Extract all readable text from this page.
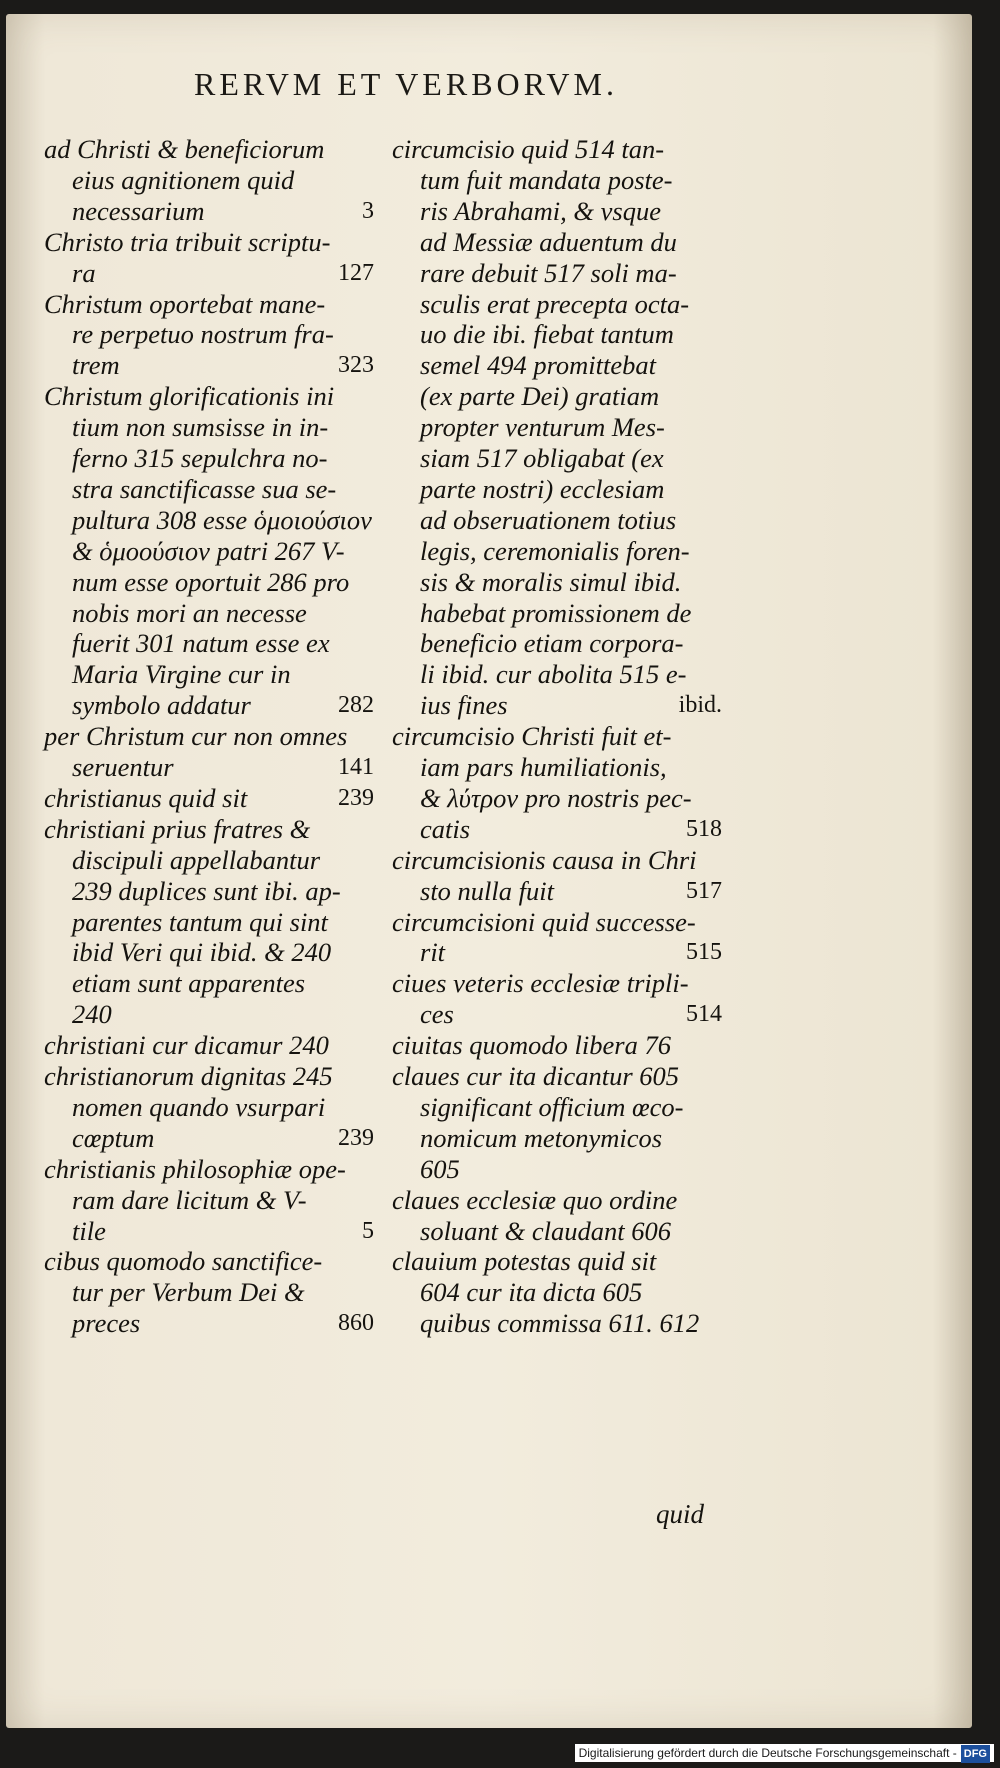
RERVM ET VERBORVM.
ad Christi & beneficiorum
eius agnitionem quid
necessarium	3
Christo tria tribuit scriptu-
ra	127
Christum oportebat mane-
re perpetuo nostrum fra-
trem	323
Christum glorificationis ini
tium non sumsisse in in-
ferno 315 sepulchra no-
stra sanctificasse sua se-
pultura 308 esse ὁμοιούσιον
& ὁμοούσιον patri 267 V-
num esse oportuit 286 pro
nobis mori an necesse
fuerit 301 natum esse ex
Maria Virgine cur in
symbolo addatur	282
per Christum cur non omnes
seruentur	141
christianus quid sit	239
christiani prius fratres &
discipuli appellabantur
239 duplices sunt ibi. ap-
parentes tantum qui sint
ibid Veri qui ibid. & 240
etiam sunt apparentes
240
christiani cur dicamur 240
christianorum dignitas 245
nomen quando vsurpari
cœptum	239
christianis philosophiæ ope-
ram dare licitum & V-
tile	5
cibus quomodo sanctifice-
tur per Verbum Dei &
preces	860
circumcisio quid 514 tan-
tum fuit mandata poste-
ris Abrahami, & vsque
ad Messiæ aduentum du
rare debuit 517 soli ma-
sculis erat precepta octa-
uo die ibi. fiebat tantum
semel 494 promittebat
(ex parte Dei) gratiam
propter venturum Mes-
siam 517 obligabat (ex
parte nostri) ecclesiam
ad obseruationem totius
legis, ceremonialis foren-
sis & moralis simul ibid.
habebat promissionem de
beneficio etiam corpora-
li ibid. cur abolita 515 e-
ius fines	ibid.
circumcisio Christi fuit et-
iam pars humiliationis,
& λύτρον pro nostris pec-
catis	518
circumcisionis causa in Chri
sto nulla fuit	517
circumcisioni quid successe-
rit	515
ciues veteris ecclesiæ tripli-
ces	514
ciuitas quomodo libera 76
claues cur ita dicantur 605
significant officium œco-
nomicum metonymicos
605
claues ecclesiæ quo ordine
soluant & claudant 606
clauium potestas quid sit
604 cur ita dicta 605
quibus commissa 611. 612
quid
Digitalisierung gefördert durch die Deutsche Forschungsgemeinschaft - DFG
